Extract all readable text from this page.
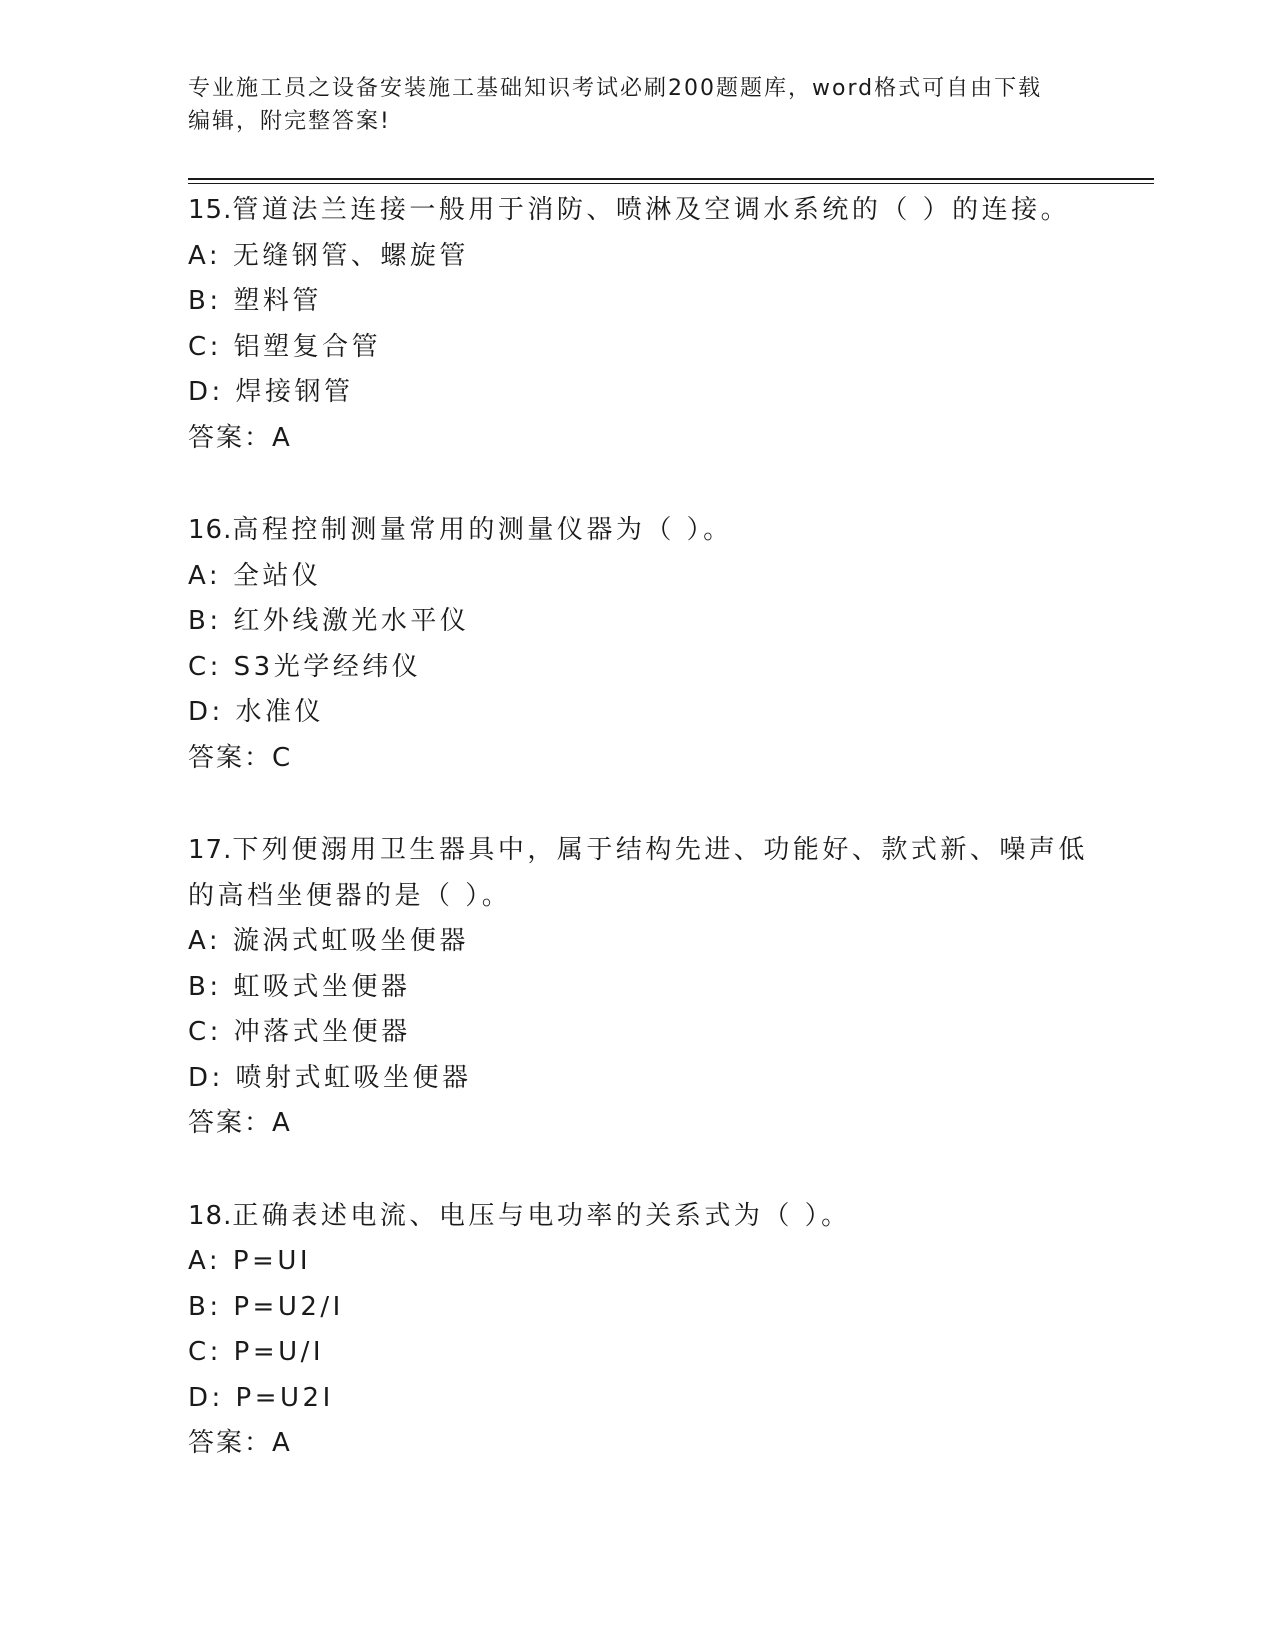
专业施工员之设备安装施工基础知识考试必刷200题题库，word格式可自由下载
编辑，附完整答案!
15.管道法兰连接一般用于消防、喷淋及空调水系统的（ ）的连接。
A: 无缝钢管、螺旋管
B: 塑料管
C: 铝塑复合管
D: 焊接钢管
答案：A
16.高程控制测量常用的测量仪器为（ ）。
A: 全站仪
B: 红外线激光水平仪
C: S3光学经纬仪
D: 水准仪
答案：C
17.下列便溺用卫生器具中，属于结构先进、功能好、款式新、噪声低
的高档坐便器的是（ ）。
A: 漩涡式虹吸坐便器
B: 虹吸式坐便器
C: 冲落式坐便器
D: 喷射式虹吸坐便器
答案：A
18.正确表述电流、电压与电功率的关系式为（ ）。
A: P=UI
B: P=U2/I
C: P=U/I
D: P=U2I
答案：A
